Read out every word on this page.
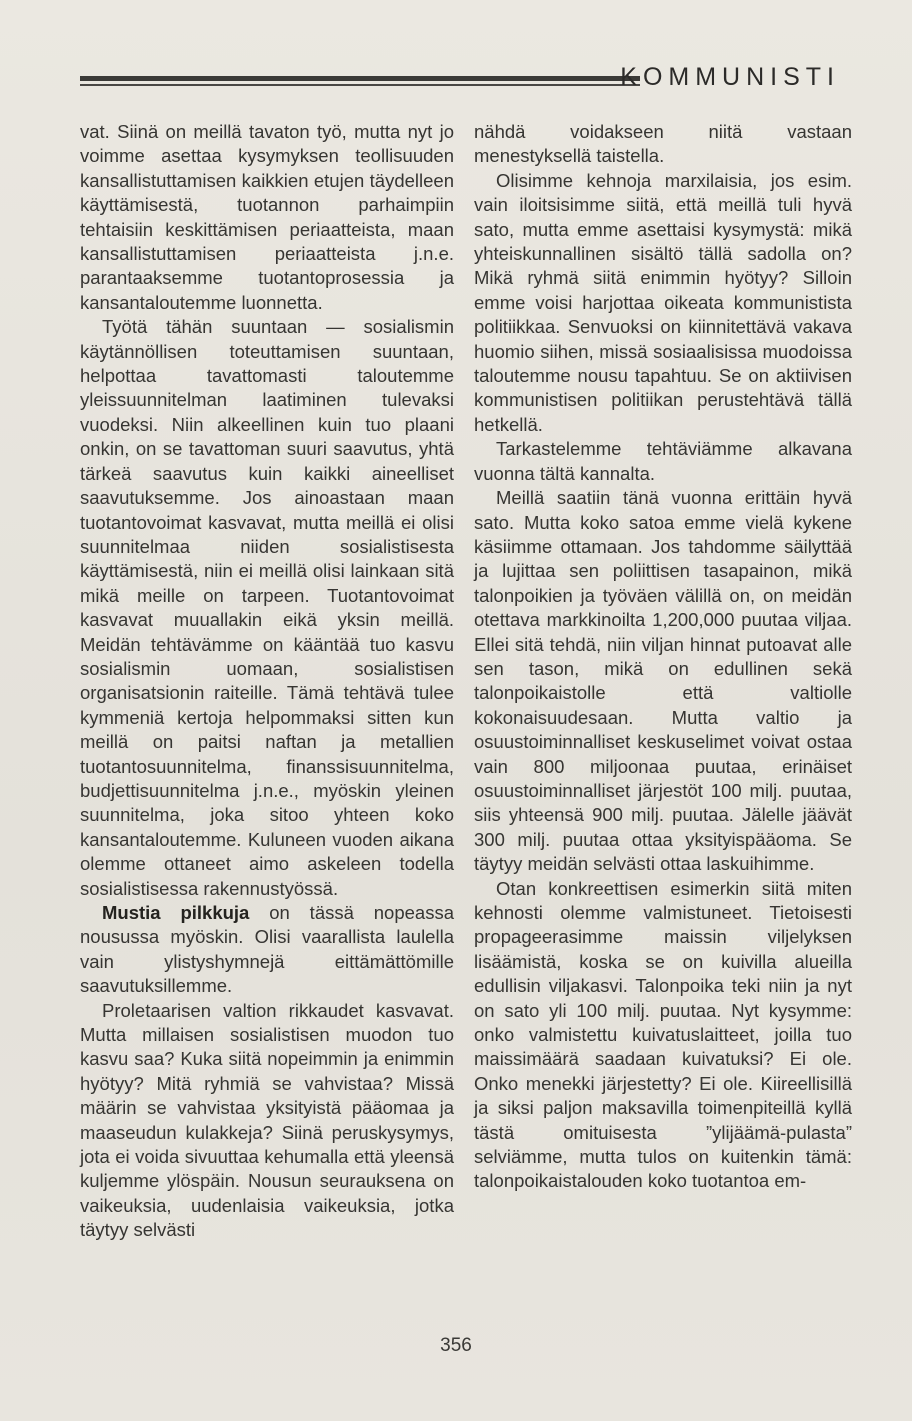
KOMMUNISTI

vat. Siinä on meillä tavaton työ, mutta nyt jo voimme asettaa kysymyksen teollisuuden kansallistuttamisen kaikkien etujen täydelleen käyttämisestä, tuotannon parhaimpiin tehtaisiin keskittämisen periaatteista, maan kansallistuttamisen periaatteista j.n.e. parantaaksemme tuotantoprosessia ja kansantaloutemme luonnetta.

Työtä tähän suuntaan — sosialismin käytännöllisen toteuttamisen suuntaan, helpottaa tavattomasti taloutemme yleissuunnitelman laatiminen tulevaksi vuodeksi. Niin alkeellinen kuin tuo plaani onkin, on se tavattoman suuri saavutus, yhtä tärkeä saavutus kuin kaikki aineelliset saavutuksemme. Jos ainoastaan maan tuotantovoimat kasvavat, mutta meillä ei olisi suunnitelmaa niiden sosialistisesta käyttämisestä, niin ei meillä olisi lainkaan sitä mikä meille on tarpeen. Tuotantovoimat kasvavat muuallakin eikä yksin meillä. Meidän tehtävämme on kääntää tuo kasvu sosialismin uomaan, sosialistisen organisatsionin raiteille. Tämä tehtävä tulee kymmeniä kertoja helpommaksi sitten kun meillä on paitsi naftan ja metallien tuotantosuunnitelma, finanssisuunnitelma, budjettisuunnitelma j.n.e., myöskin yleinen suunnitelma, joka sitoo yhteen koko kansantaloutemme. Kuluneen vuoden aikana olemme ottaneet aimo askeleen todella sosialistisessa rakennustyössä.

Mustia pilkkuja on tässä nopeassa nousussa myöskin. Olisi vaarallista laulella vain ylistyshymnejä eittämättömille saavutuksillemme.

Proletaarisen valtion rikkaudet kasvavat. Mutta millaisen sosialistisen muodon tuo kasvu saa? Kuka siitä nopeimmin ja enimmin hyötyy? Mitä ryhmiä se vahvistaa? Missä määrin se vahvistaa yksityistä pääomaa ja maaseudun kulakkeja? Siinä peruskysymys, jota ei voida sivuuttaa kehumalla että yleensä kuljemme ylöspäin. Nousun seurauksena on vaikeuksia, uudenlaisia vaikeuksia, jotka täytyy selvästi

nähdä voidakseen niitä vastaan menestyksellä taistella.

Olisimme kehnoja marxilaisia, jos esim. vain iloitsisimme siitä, että meillä tuli hyvä sato, mutta emme asettaisi kysymystä: mikä yhteiskunnallinen sisältö tällä sadolla on? Mikä ryhmä siitä enimmin hyötyy? Silloin emme voisi harjottaa oikeata kommunistista politiikkaa. Senvuoksi on kiinnitettävä vakava huomio siihen, missä sosiaalisissa muodoissa taloutemme nousu tapahtuu. Se on aktiivisen kommunistisen politiikan perustehtävä tällä hetkellä.

Tarkastelemme tehtäviämme alkavana vuonna tältä kannalta.

Meillä saatiin tänä vuonna erittäin hyvä sato. Mutta koko satoa emme vielä kykene käsiimme ottamaan. Jos tahdomme säilyttää ja lujittaa sen poliittisen tasapainon, mikä talonpoikien ja työväen välillä on, on meidän otettava markkinoilta 1,200,000 puutaa viljaa. Ellei sitä tehdä, niin viljan hinnat putoavat alle sen tason, mikä on edullinen sekä talonpoikaistolle että valtiolle kokonaisuudesaan. Mutta valtio ja osuustoiminnalliset keskuselimet voivat ostaa vain 800 miljoonaa puutaa, erinäiset osuustoiminnalliset järjestöt 100 milj. puutaa, siis yhteensä 900 milj. puutaa. Jälelle jäävät 300 milj. puutaa ottaa yksityispääoma. Se täytyy meidän selvästi ottaa laskuihimme.

Otan konkreettisen esimerkin siitä miten kehnosti olemme valmistuneet. Tietoisesti propageerasimme maissin viljelyksen lisäämistä, koska se on kuivilla alueilla edullisin viljakasvi. Talonpoika teki niin ja nyt on sato yli 100 milj. puutaa. Nyt kysymme: onko valmistettu kuivatuslaitteet, joilla tuo maissimäärä saadaan kuivatuksi? Ei ole. Onko menekki järjestetty? Ei ole. Kiireellisillä ja siksi paljon maksavilla toimenpiteillä kyllä tästä omituisesta ”ylijäämä-pulasta” selviämme, mutta tulos on kuitenkin tämä: talonpoikaistalouden koko tuotantoa em-

356
